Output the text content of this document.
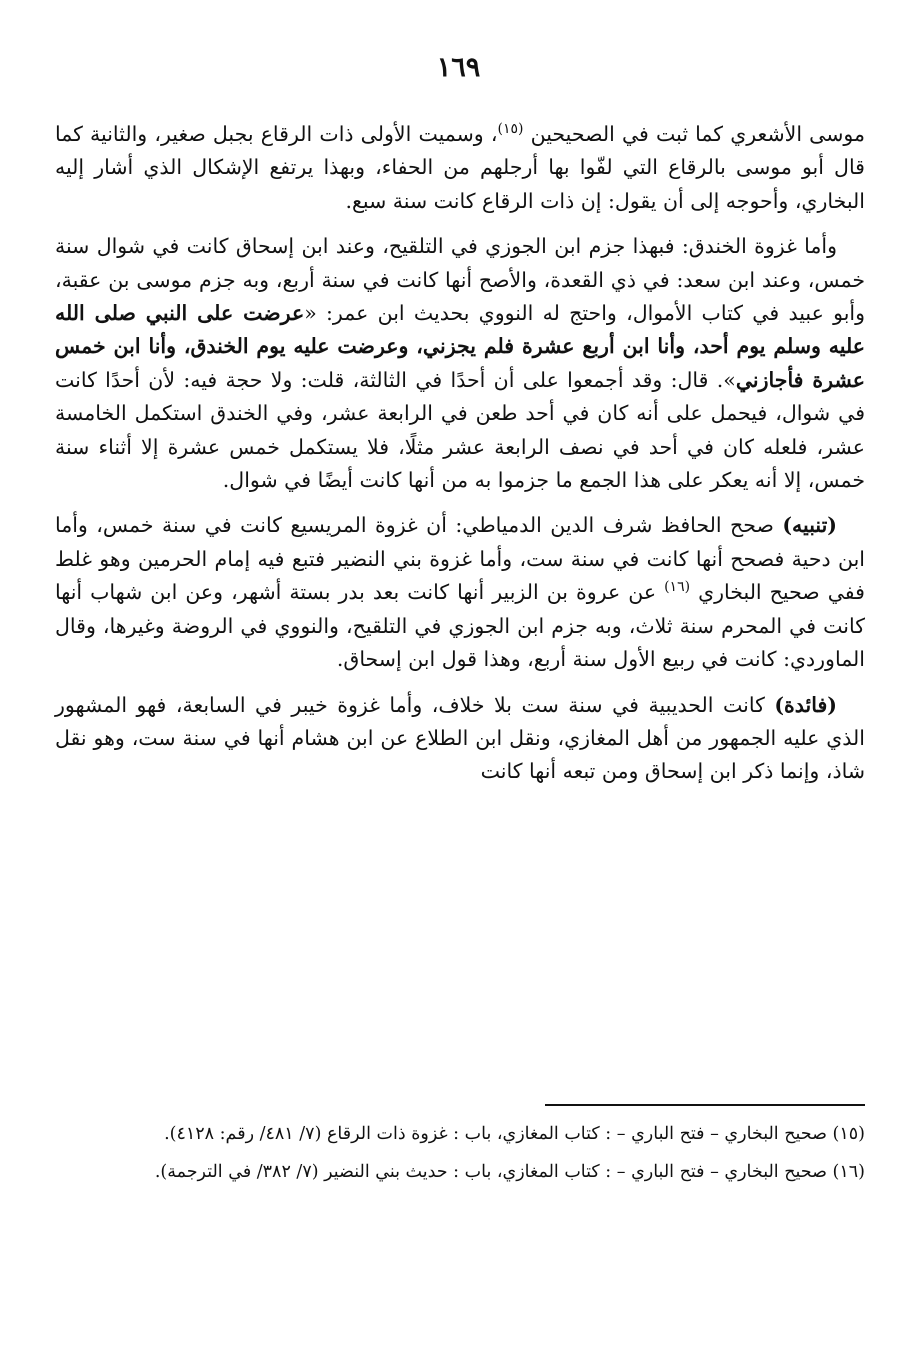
١٦٩

موسى الأشعري كما ثبت في الصحيحين $^{(١٥)}$، وسميت الأولى ذات الرقاع بجبل صغير، والثانية كما قال أبو موسى بالرقاع التي لفّوا بها أرجلهم من الحفاء، وبهذا يرتفع الإشكال الذي أشار إليه البخاري، وأحوجه إلى أن يقول: إن ذات الرقاع كانت سنة سبع.

وأما غزوة الخندق: فبهذا جزم ابن الجوزي في التلقيح، وعند ابن إسحاق كانت في شوال سنة خمس، وعند ابن سعد: في ذي القعدة، والأصح أنها كانت في سنة أربع، وبه جزم موسى بن عقبة، وأبو عبيد في كتاب الأموال، واحتج له النووي بحديث ابن عمر: «عرضت على النبي صلى الله عليه وسلم يوم أحد، وأنا ابن أربع عشرة فلم يجزني، وعرضت عليه يوم الخندق، وأنا ابن خمس عشرة فأجازني». قال: وقد أجمعوا على أن أحدًا في الثالثة، قلت: ولا حجة فيه: لأن أحدًا كانت في شوال، فيحمل على أنه كان في أحد طعن في الرابعة عشر، وفي الخندق استكمل الخامسة عشر، فلعله كان في أحد في نصف الرابعة عشر مثلًا، فلا يستكمل خمس عشرة إلا أثناء سنة خمس، إلا أنه يعكر على هذا الجمع ما جزموا به من أنها كانت أيضًا في شوال.

(تنبيه) صحح الحافظ شرف الدين الدمياطي: أن غزوة المريسيع كانت في سنة خمس، وأما ابن دحية فصحح أنها كانت في سنة ست، وأما غزوة بني النضير فتبع فيه إمام الحرمين وهو غلط ففي صحيح البخاري $^{(١٦)}$ عن عروة بن الزبير أنها كانت بعد بدر بستة أشهر، وعن ابن شهاب أنها كانت في المحرم سنة ثلاث، وبه جزم ابن الجوزي في التلقيح، والنووي في الروضة وغيرها، وقال الماوردي: كانت في ربيع الأول سنة أربع، وهذا قول ابن إسحاق.

(فائدة) كانت الحديبية في سنة ست بلا خلاف، وأما غزوة خيبر في السابعة، فهو المشهور الذي عليه الجمهور من أهل المغازي، ونقل ابن الطلاع عن ابن هشام أنها في سنة ست، وهو نقل شاذ، وإنما ذكر ابن إسحاق ومن تبعه أنها كانت

(١٥) صحيح البخاري – فتح الباري – : كتاب المغازي، باب : غزوة ذات الرقاع (٧/ ٤٨١/ رقم: ٤١٢٨).

(١٦) صحيح البخاري – فتح الباري – : كتاب المغازي، باب : حديث بني النضير (٧/ ٣٨٢/ في الترجمة).
